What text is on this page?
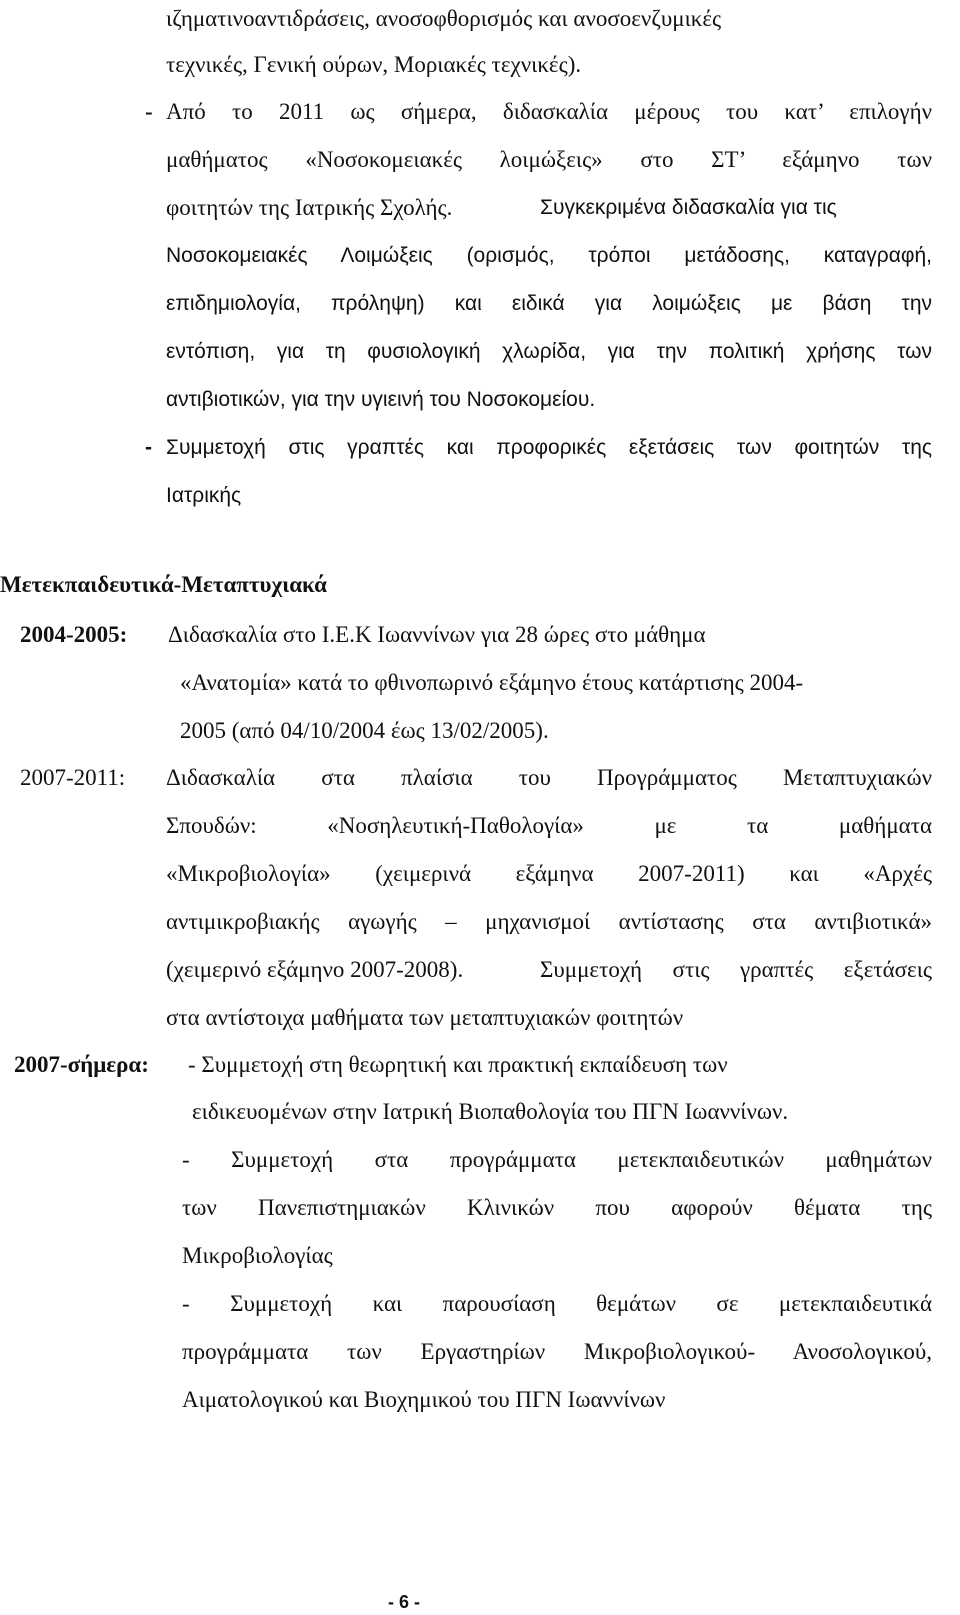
ιζηματινοαντιδράσεις, ανοσοφθορισμός και ανοσοενζυμικές
τεχνικές, Γενική ούρων, Μοριακές τεχνικές).
- Από το 2011 ως σήμερα, διδασκαλία μέρους του κατ’ επιλογήν
μαθήματος «Νοσοκομειακές λοιμώξεις» στο ΣΤ’ εξάμηνο των
φοιτητών της Ιατρικής Σχολής.	Συγκεκριμένα διδασκαλία για τις
Νοσοκομειακές Λοιμώξεις (ορισμός, τρόποι μετάδοσης, καταγραφή,
επιδημιολογία, πρόληψη) και ειδικά για λοιμώξεις με βάση την
εντόπιση, για τη φυσιολογική χλωρίδα, για την πολιτική χρήσης των
αντιβιοτικών, για την υγιεινή του Νοσοκομείου.
- Συμμετοχή στις γραπτές και προφορικές εξετάσεις των φοιτητών της
Ιατρικής
Μετεκπαιδευτικά-Μεταπτυχιακά
2004-2005: Διδασκαλία στο Ι.Ε.Κ Ιωαννίνων για 28 ώρες στο μάθημα
«Ανατομία» κατά το φθινοπωρινό εξάμηνο έτους κατάρτισης 2004-
2005 (από 04/10/2004 έως 13/02/2005).
2007-2011: Διδασκαλία στα πλαίσια του Προγράμματος Μεταπτυχιακών
Σπουδών: «Νοσηλευτική-Παθολογία» με τα μαθήματα
«Μικροβιολογία» (χειμερινά εξάμηνα 2007-2011) και «Αρχές
αντιμικροβιακής αγωγής – μηχανισμοί αντίστασης στα αντιβιοτικά»
(χειμερινό εξάμηνο 2007-2008).	Συμμετοχή στις γραπτές εξετάσεις
στα αντίστοιχα μαθήματα των μεταπτυχιακών φοιτητών
2007-σήμερα: - Συμμετοχή στη θεωρητική και πρακτική εκπαίδευση των
ειδικευομένων στην Ιατρική Βιοπαθολογία του ΠΓΝ Ιωαννίνων.
- Συμμετοχή στα προγράμματα μετεκπαιδευτικών μαθημάτων
των Πανεπιστημιακών Κλινικών που αφορούν θέματα της
Μικροβιολογίας
- Συμμετοχή και παρουσίαση θεμάτων σε μετεκπαιδευτικά
προγράμματα των Εργαστηρίων Μικροβιολογικού- Ανοσολογικού,
Αιματολογικού και Βιοχημικού του ΠΓΝ Ιωαννίνων
- 6 -
